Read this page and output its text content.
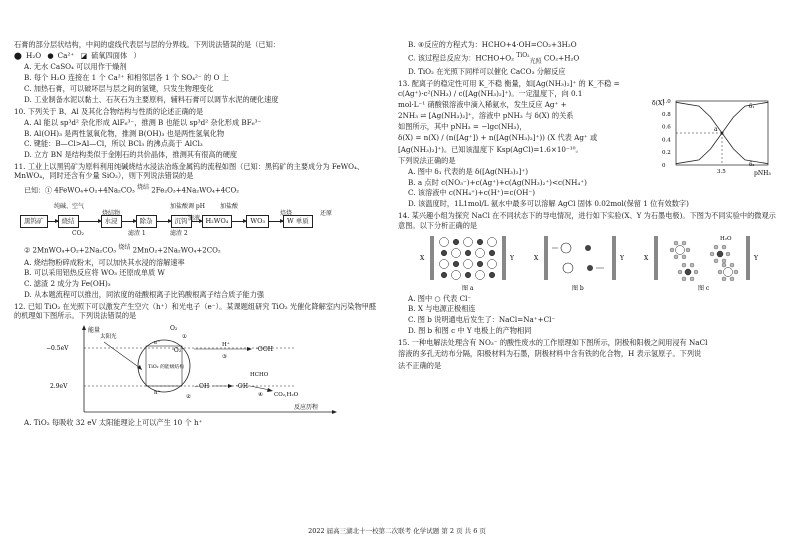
石膏的部分层状结构，中间的虚线代表层与层的分界线。下列说法错误的是（已知：

⬤ H₂O ● Ca²⁺ ◪ 硫氧四面体 ）

A. 无水 CaSO₄ 可以用作干燥剂

B. 每个 H₂O 连接在 1 个 Ca²⁺ 和相邻层各 1 个 SO₄²⁻ 的 O 上

C. 加热石膏，可以破坏层与层之间的氢键，只发生物理变化

D. 工业制备水泥以黏土、石灰石为主要原料，辅料石膏可以调节水泥的硬化速度

10. 下列关于 B、Al 及其化合物结构与性质的论述正确的是

A. Al 能以 sp³d² 杂化形成 AlF₆³⁻，推测 B 也能以 sp³d² 杂化形成 BF₆³⁻

B. Al(OH)₃ 是两性氢氧化物，推测 B(OH)₃ 也是两性氢氧化物

C. 键能：B—Cl>Al—Cl，所以 BCl₃ 的沸点高于 AlCl₃

D. 立方 BN 是结构类似于金刚石的共价晶体，推测其有很高的硬度

11. 工业上以黑钨矿为原料利用纯碱烧结水浸法冶炼金属钨的流程如图（已知：黑钨矿的主要成分为 FeWO₄、MnWO₄，同时还含有少量 SiO₂），则下列说法错误的是

已知：① 4FeWO₄+O₂+4Na₂CO₃ $^{烧结}$ 2Fe₂O₃+4Na₂WO₄+4CO₂

纯碱、空气	加盐酸调 pH	加盐酸
焙烧	还原
烧结物
滤液
黑钨矿	烧结	水浸	除杂	沉钨	H₂WO₄	WO₃	W 单质
CO₂	滤渣 1	滤渣 2

② 2MnWO₄+O₂+2Na₂CO₃ $^{烧结}$ 2MnO₂+2Na₂WO₄+2CO₂

A. 烧结物粉碎成粉末，可以加快其水浸的溶解速率

B. 可以采用铝热反应将 WO₃ 还原成单质 W

C. 滤渣 2 成分为 Fe(OH)₃

D. 从本题流程可以推出，同浓度的硅酸根离子比钨酸根离子结合质子能力强

12. 已知 TiO₂ 在光照下可以激发产生空穴（h⁺）和光电子（e⁻）。某课题组研究 TiO₂ 光催化降解室内污染物甲醛的机理如下图所示。下列说法错误的是

能量
反应历程
−0.5eV
2.9eV
太阳光
TiO₂ 的能级结构
e⁻
h⁺
O₂
·O₂⁻
①
H⁺
③
·OOH
−OH
②
·OH
HCHO
④ CO₂,H₂O

A. TiO₂ 每吸收 32 eV 太阳能理论上可以产生 10 个 h⁺

B. ④反应的方程式为：HCHO+4·OH=CO₂+3H₂O

C. 该过程总反应为：HCHO+O₂ $^{TiO_2}_{光照}$ CO₂+H₂O

D. TiO₂ 在光照下同样可以催化 CaCO₃ 分解反应

13. 配离子的稳定性可用 K_不稳 衡量，如[Ag(NH₃)₂]⁺ 的 K_不稳 = c(Ag⁺)·c²(NH₃) / c([Ag(NH₃)₂]⁺)。一定温度下，向 0.1

mol·L⁻¹ 硝酸银溶液中滴入稀氨水，发生反应 Ag⁺ +

2NH₃ ⇌ [Ag(NH₃)₂]⁺，溶液中 pNH₃ 与 δ(X) 的关系

如图所示，其中 pNH₃ = −lgc(NH₃)，

δ(X) = n(X) / (n([Ag⁺]) + n([Ag(NH₃)₂]⁺)) (X 代表 Ag⁺ 或

[Ag(NH₃)₂]⁺)。已知该温度下 Ksp(AgCl)=1.6×10⁻¹⁰。

下列说法正确的是

1.0
0.8
0.6
0.4
0.2
0
3.5
δ₁
δ₂
δ(X)
pNH₃
a

A. 图中 δ₁ 代表的是 δ([Ag(NH₃)₂]⁺)

B. a 点时 c(NO₃⁻)+c(Ag⁺)+c(Ag(NH₃)₂⁺)<c(NH₄⁺)

C. 该溶液中 c(NH₄⁺)+c(H⁺)=c(OH⁻)

D. 该温度时，1L1mol/L 氨水中最多可以溶解 AgCl 固体 0.02mol(保留 1 位有效数字)

14. 某兴趣小组为探究 NaCl 在不同状态下的导电情况，进行如下实验(X、Y 为石墨电极)。下图为不同实验中的微观示意图。以下分析正确的是

X	Y
图 a
X	Y
图 b
X	Y
H₂O
图 c

A. 图中 ○ 代表 Cl⁻

B. X 与电源正极相连

C. 图 b 说明通电后发生了：NaCl=Na⁺+Cl⁻

D. 图 b 和图 c 中 Y 电极上的产物相同

15. 一种电解法处理含有 NO₃⁻ 的酸性废水的工作原理如下图所示，阴极和阳极之间用浸有 NaCl

溶液的多孔无纺布分隔，阳极材料为石墨，阴极材料中含有铁的化合物，H 表示氢原子。下列说

法不正确的是

2022 届高三湖北十一校第二次联考 化学试题 第 2 页 共 6 页
